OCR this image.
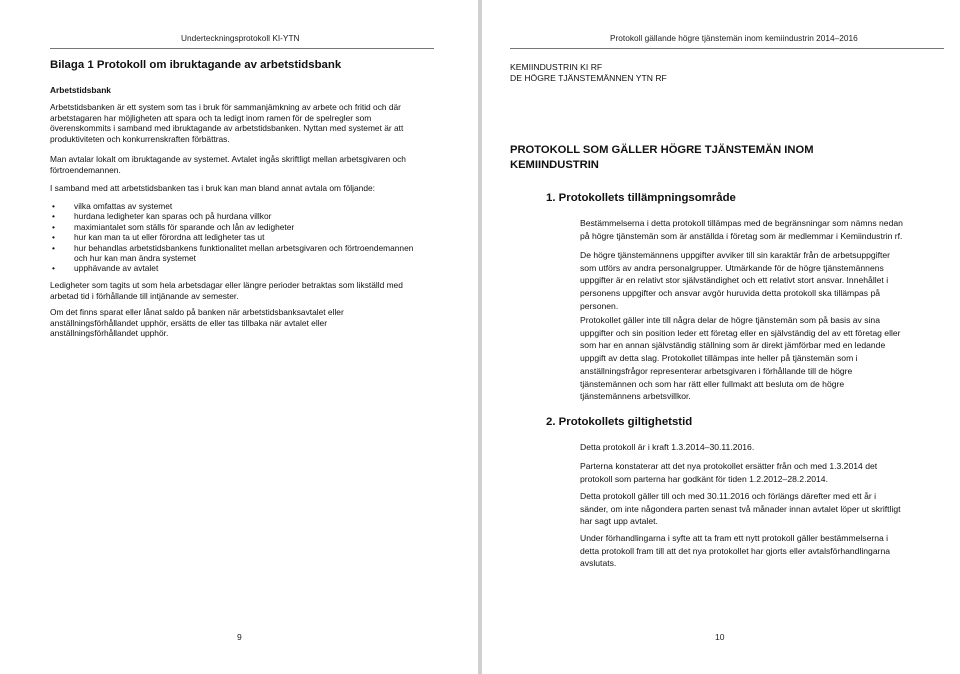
Underteckningsprotokoll KI-YTN
Bilaga 1 Protokoll om ibruktagande av arbetstidsbank
Arbetstidsbank
Arbetstidsbanken är ett system som tas i bruk för sammanjämkning av arbete och fritid och där
arbetstagaren har möjligheten att spara och ta ledigt inom ramen för de spelregler som
överenskommits i samband med ibruktagande av arbetstidsbanken. Nyttan med systemet är att
produktiviteten och konkurrenskraften förbättras.
Man avtalar lokalt om ibruktagande av systemet. Avtalet ingås skriftligt mellan arbetsgivaren och
förtroendemannen.
I samband med att arbetstidsbanken tas i bruk kan man bland annat avtala om följande:
• vilka omfattas av systemet
• hurdana ledigheter kan sparas och på hurdana villkor
• maximiantalet som ställs för sparande och lån av ledigheter
• hur kan man ta ut eller förordna att ledigheter tas ut
• hur behandlas arbetstidsbankens funktionalitet mellan arbetsgivaren och förtroendemannen
och hur kan man ändra systemet
• upphävande av avtalet
Ledigheter som tagits ut som hela arbetsdagar eller längre perioder betraktas som likställd med
arbetad tid i förhållande till intjänande av semester.
Om det finns sparat eller lånat saldo på banken när arbetstidsbanksavtalet eller
anställningsförhållandet upphör, ersätts de eller tas tillbaka när avtalet eller
anställningsförhållandet upphör.
9
Protokoll gällande högre tjänstemän inom kemiindustrin 2014–2016
KEMIINDUSTRIN KI RF
DE HÖGRE TJÄNSTEMÄNNEN YTN RF
PROTOKOLL SOM GÄLLER HÖGRE TJÄNSTEMÄN INOM
KEMIINDUSTRIN
1. Protokollets tillämpningsområde
Bestämmelserna i detta protokoll tillämpas med de begränsningar som nämns nedan
på högre tjänstemän som är anställda i företag som är medlemmar i Kemiindustrin rf.
De högre tjänstemännens uppgifter avviker till sin karaktär från de arbetsuppgifter
som utförs av andra personalgrupper. Utmärkande för de högre tjänstemännens
uppgifter är en relativt stor självständighet och ett relativt stort ansvar. Innehållet i
personens uppgifter och ansvar avgör huruvida detta protokoll ska tillämpas på
personen.
Protokollet gäller inte till några delar de högre tjänstemän som på basis av sina
uppgifter och sin position leder ett företag eller en självständig del av ett företag eller
som har en annan självständig ställning som är direkt jämförbar med en ledande
uppgift av detta slag. Protokollet tillämpas inte heller på tjänstemän som i
anställningsfrågor representerar arbetsgivaren i förhållande till de högre
tjänstemännen och som har rätt eller fullmakt att besluta om de högre
tjänstemännens arbetsvillkor.
2. Protokollets giltighetstid
Detta protokoll är i kraft 1.3.2014–30.11.2016.
Parterna konstaterar att det nya protokollet ersätter från och med 1.3.2014 det
protokoll som parterna har godkänt för tiden 1.2.2012–28.2.2014.
Detta protokoll gäller till och med 30.11.2016 och förlängs därefter med ett år i
sänder, om inte någondera parten senast två månader innan avtalet löper ut skriftligt
har sagt upp avtalet.
Under förhandlingarna i syfte att ta fram ett nytt protokoll gäller bestämmelserna i
detta protokoll fram till att det nya protokollet har gjorts eller avtalsförhandlingarna
avslutats.
10
